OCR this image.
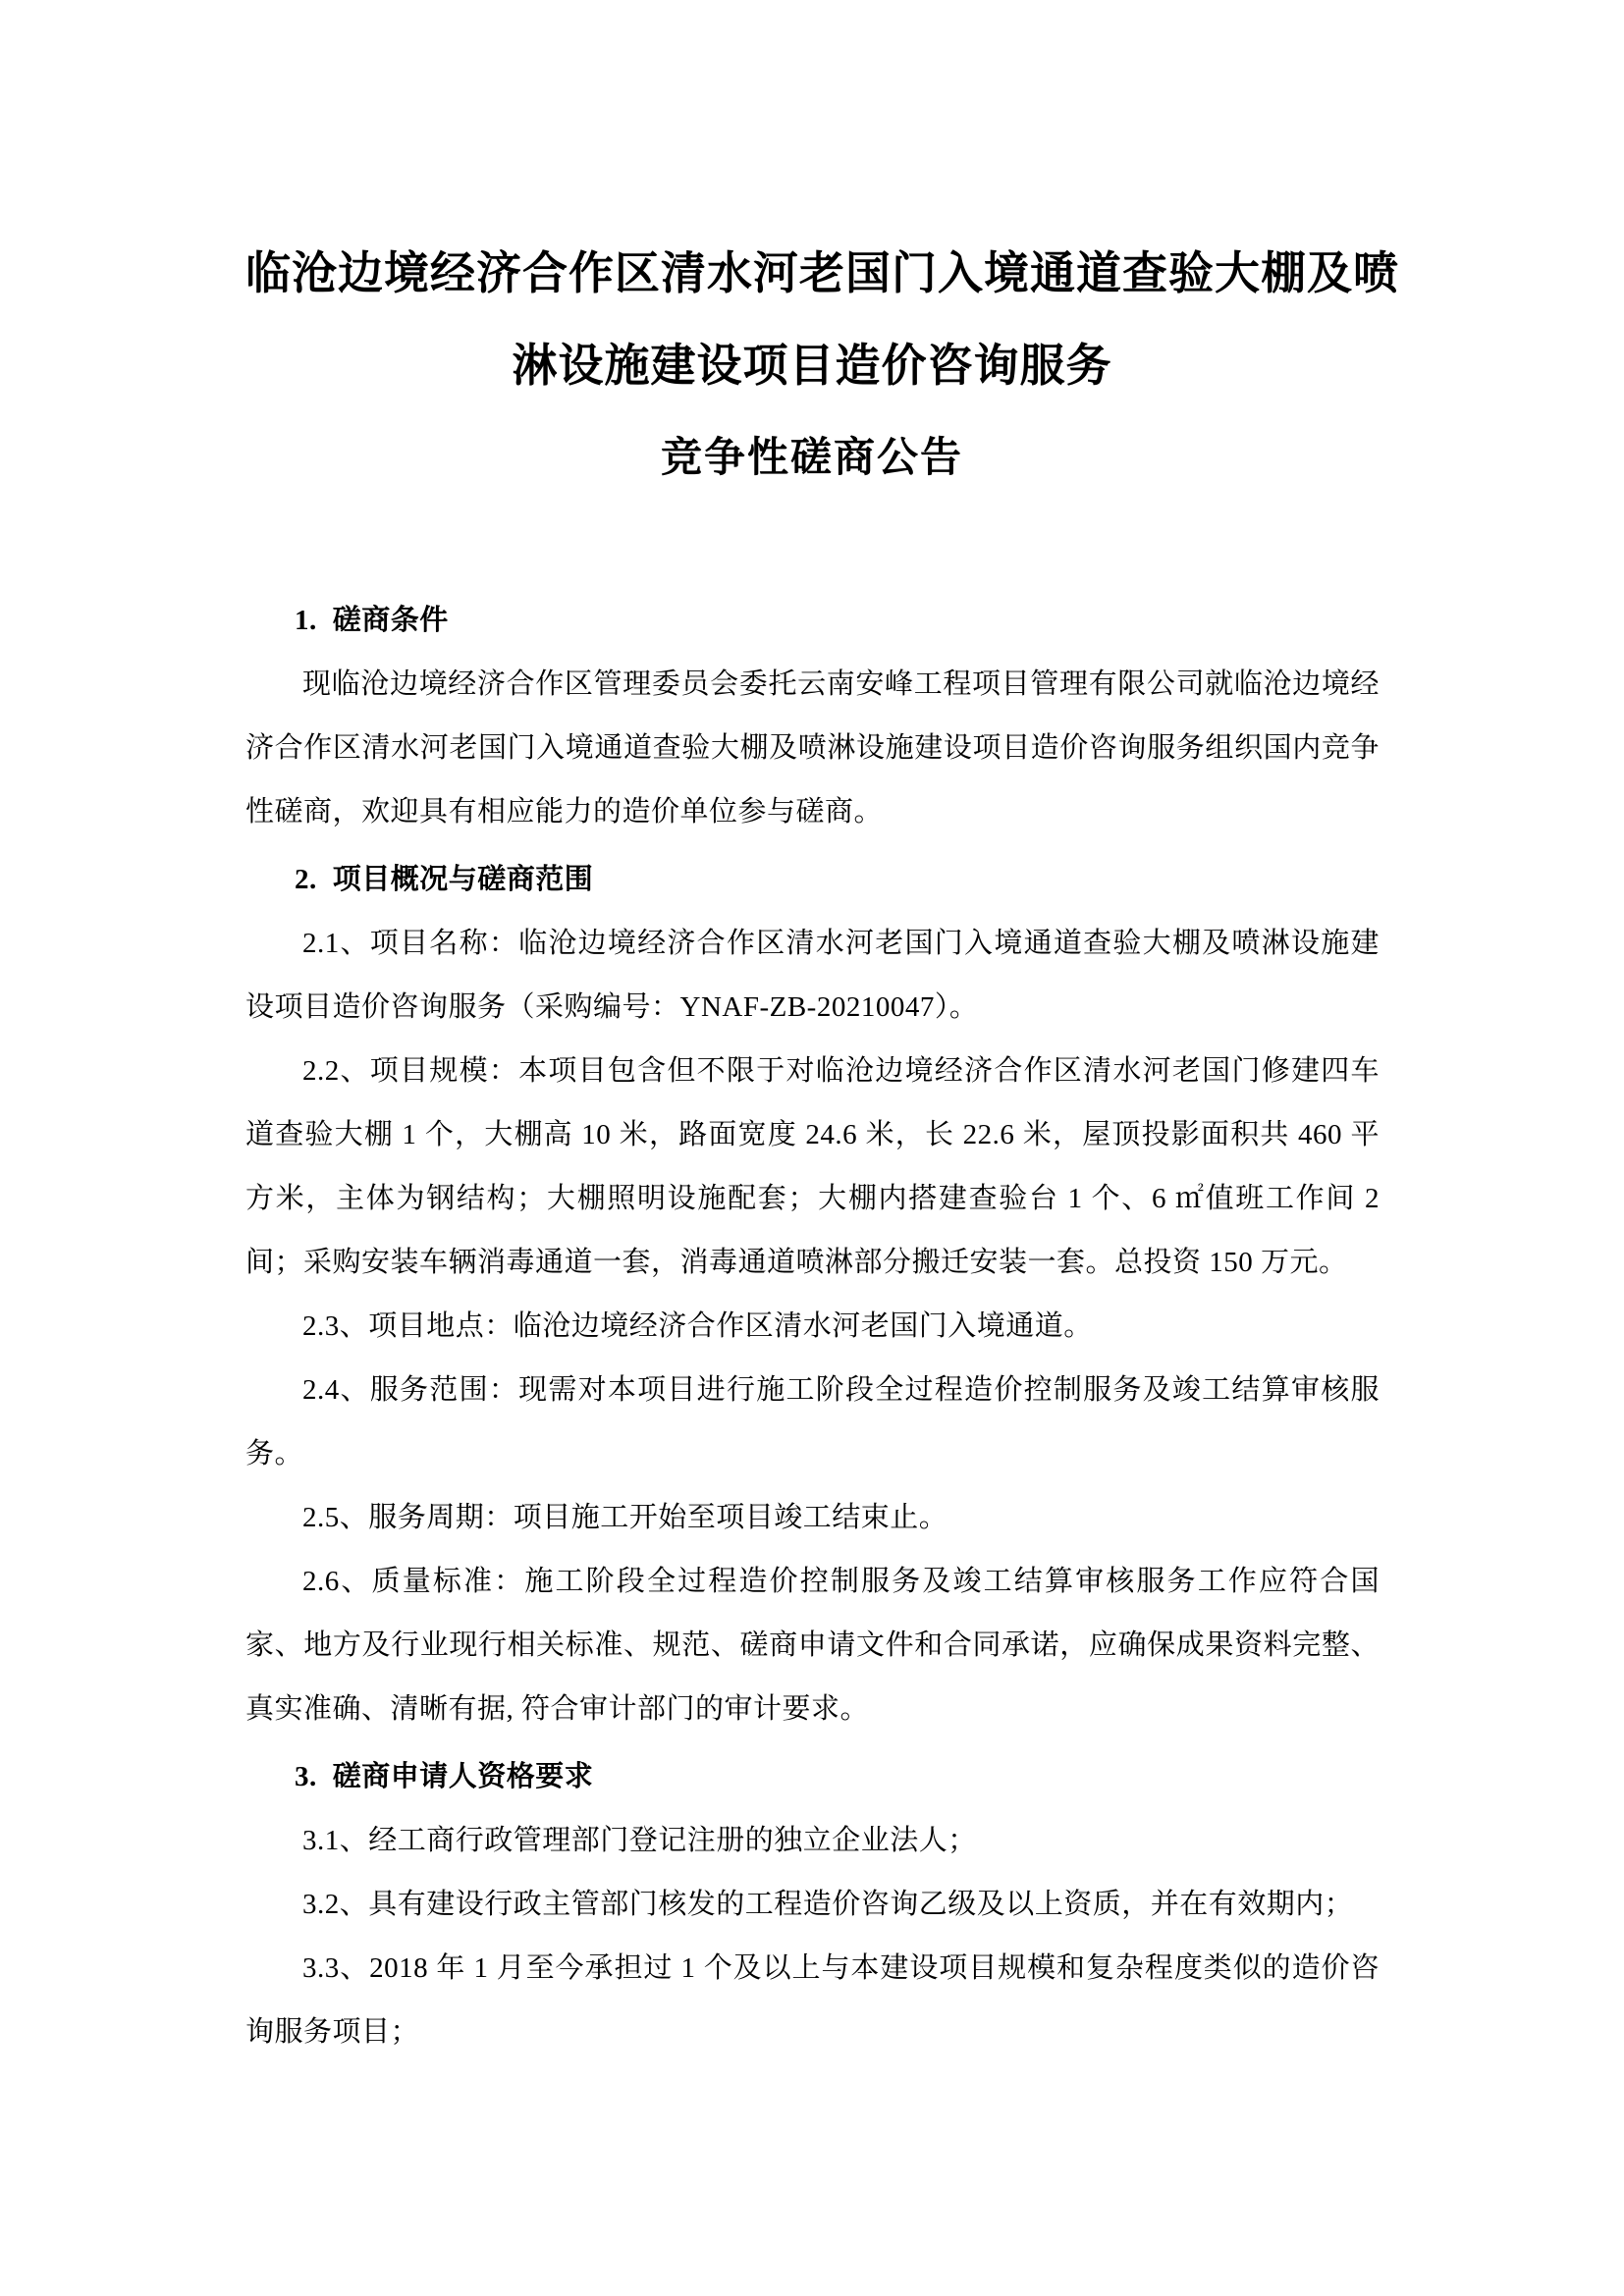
临沧边境经济合作区清水河老国门入境通道查验大棚及喷
淋设施建设项目造价咨询服务
竞争性磋商公告
1. 磋商条件

现临沧边境经济合作区管理委员会委托云南安峰工程项目管理有限公司就临沧边境经济合作区清水河老国门入境通道查验大棚及喷淋设施建设项目造价咨询服务组织国内竞争性磋商，欢迎具有相应能力的造价单位参与磋商。

2. 项目概况与磋商范围

2.1、项目名称：临沧边境经济合作区清水河老国门入境通道查验大棚及喷淋设施建设项目造价咨询服务（采购编号：YNAF-ZB-20210047）。

2.2、项目规模：本项目包含但不限于对临沧边境经济合作区清水河老国门修建四车道查验大棚 1 个，大棚高 10 米，路面宽度 24.6 米，长 22.6 米，屋顶投影面积共 460 平方米，主体为钢结构；大棚照明设施配套；大棚内搭建查验台 1 个、6 ㎡值班工作间 2 间；采购安装车辆消毒通道一套，消毒通道喷淋部分搬迁安装一套。总投资 150 万元。

2.3、项目地点：临沧边境经济合作区清水河老国门入境通道。

2.4、服务范围：现需对本项目进行施工阶段全过程造价控制服务及竣工结算审核服务。

2.5、服务周期：项目施工开始至项目竣工结束止。

2.6、质量标准：施工阶段全过程造价控制服务及竣工结算审核服务工作应符合国家、地方及行业现行相关标准、规范、磋商申请文件和合同承诺，应确保成果资料完整、真实准确、清晰有据, 符合审计部门的审计要求。

3. 磋商申请人资格要求

3.1、经工商行政管理部门登记注册的独立企业法人；

3.2、具有建设行政主管部门核发的工程造价咨询乙级及以上资质，并在有效期内；

3.3、2018 年 1 月至今承担过 1 个及以上与本建设项目规模和复杂程度类似的造价咨询服务项目；
